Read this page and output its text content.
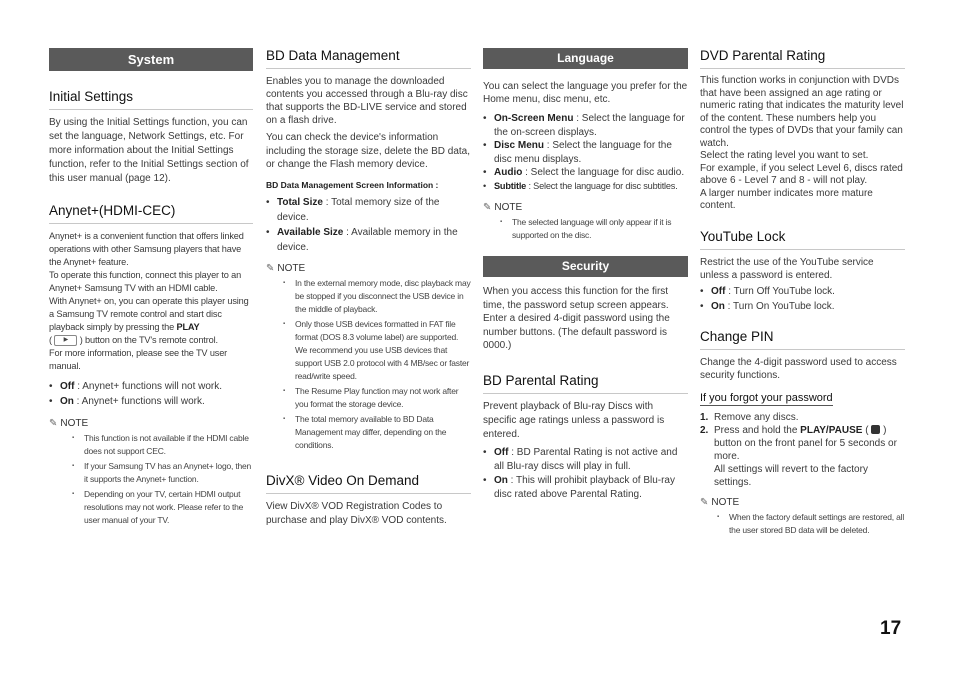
System
Initial Settings

By using the Initial Settings function, you can set the language, Network Settings, etc. For more information about the Initial Settings function, refer to the Initial Settings section of this user manual (page 12).

Anynet+(HDMI-CEC)
Anynet+ is a convenient function that offers linked operations with other Samsung players that have the Anynet+ feature.
To operate this function, connect this player to an Anynet+ Samsung TV with an HDMI cable.
With Anynet+ on, you can operate this player using a Samsung TV remote control and start disc playback simply by pressing the PLAY
( ▶ ) button on the TV's remote control.
For more information, please see the TV user manual.
• Off : Anynet+ functions will not work.
• On : Anynet+ functions will work.
✎ NOTE
▪ This function is not available if the HDMI cable does not support CEC.
▪ If your Samsung TV has an Anynet+ logo, then it supports the Anynet+ function.
▪ Depending on your TV, certain HDMI output resolutions may not work. Please refer to the user manual of your TV.
BD Data Management

Enables you to manage the downloaded contents you accessed through a Blu-ray disc that supports the BD-LIVE service and stored on a flash drive.

You can check the device's information including the storage size, delete the BD data, or change the Flash memory device.

BD Data Management Screen Information :
• Total Size : Total memory size of the device.
• Available Size : Available memory in the device.
✎ NOTE
▪ In the external memory mode, disc playback may be stopped if you disconnect the USB device in the middle of playback.
▪ Only those USB devices formatted in FAT file format (DOS 8.3 volume label) are supported. We recommend you use USB devices that support USB 2.0 protocol with 4 MB/sec or faster read/write speed.
▪ The Resume Play function may not work after you format the storage device.
▪ The total memory available to BD Data Management may differ, depending on the conditions.
DivX® Video On Demand

View DivX® VOD Registration Codes to purchase and play DivX® VOD contents.

Language

You can select the language you prefer for the Home menu, disc menu, etc.

• On-Screen Menu : Select the language for the on-screen displays.
• Disc Menu : Select the language for the disc menu displays.
• Audio : Select the language for disc audio.
• Subtitle : Select the language for disc subtitles.
✎ NOTE
▪ The selected language will only appear if it is supported on the disc.
Security

When you access this function for the first time, the password setup screen appears. Enter a desired 4-digit password using the number buttons. (The default password is 0000.)

BD Parental Rating

Prevent playback of Blu-ray Discs with specific age ratings unless a password is entered.

• Off : BD Parental Rating is not active and all Blu-ray discs will play in full.
• On : This will prohibit playback of Blu-ray disc rated above Parental Rating.
DVD Parental Rating
This function works in conjunction with DVDs that have been assigned an age rating or numeric rating that indicates the maturity level of the content. These numbers help you control the types of DVDs that your family can watch.
Select the rating level you want to set.
For example, if you select Level 6, discs rated above 6 - Level 7 and 8 - will not play.
A larger number indicates more mature content.
YouTube Lock

Restrict the use of the YouTube service unless a password is entered.

• Off : Turn Off YouTube lock.
• On : Turn On YouTube lock.
Change PIN

Change the 4-digit password used to access security functions.

If you forgot your password
1. Remove any discs.
2. Press and hold the PLAY/PAUSE (  ) button on the front panel for 5 seconds or more.
All settings will revert to the factory settings.
✎ NOTE
▪ When the factory default settings are restored, all the user stored BD data will be deleted.
17
